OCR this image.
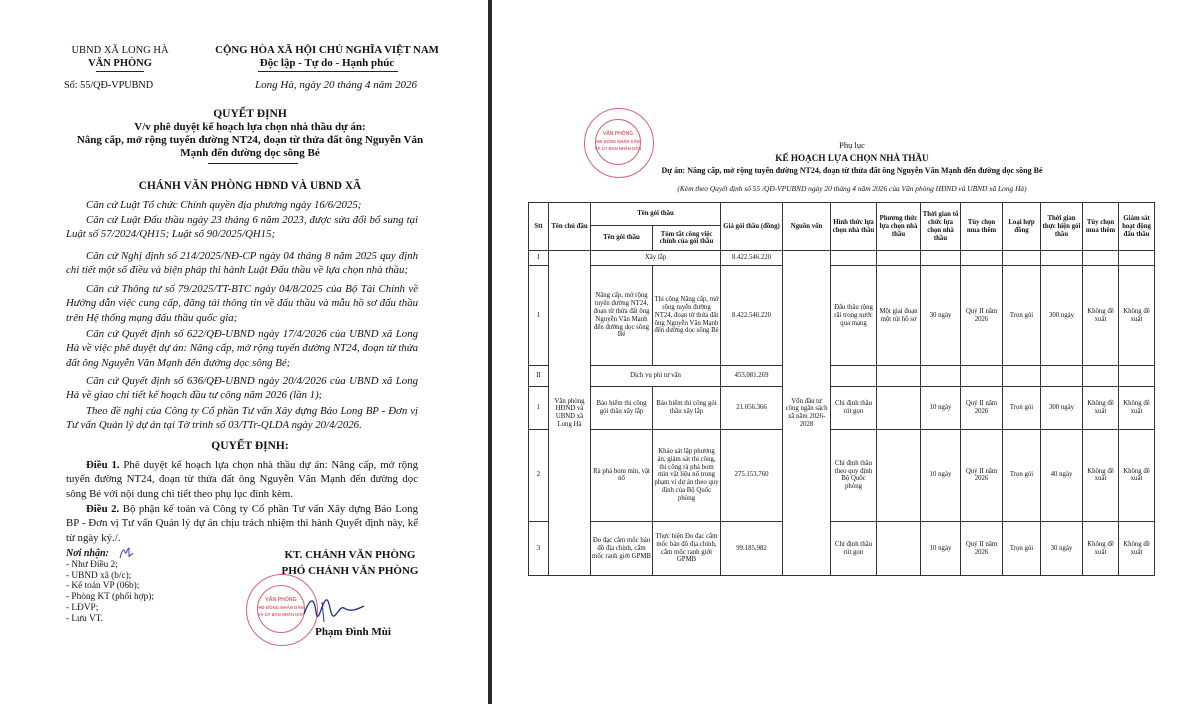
UBND XÃ LONG HÀ
VĂN PHÒNG
Số: 55/QĐ-VPUBND
CỘNG HÒA XÃ HỘI CHỦ NGHĨA VIỆT NAM
Độc lập - Tự do - Hạnh phúc
Long Hà, ngày 20 tháng 4 năm 2026
QUYẾT ĐỊNH
V/v phê duyệt kế hoạch lựa chọn nhà thầu dự án:
Nâng cấp, mở rộng tuyến đường NT24, đoạn từ thửa đất ông Nguyễn Văn
Mạnh đến đường dọc sông Bé
CHÁNH VĂN PHÒNG HĐND VÀ UBND XÃ
Căn cứ Luật Tổ chức Chính quyền địa phương ngày 16/6/2025;
Căn cứ Luật Đấu thầu ngày 23 tháng 6 năm 2023, được sửa đổi bổ sung tại Luật số 57/2024/QH15; Luật số 90/2025/QH15;
Căn cứ Nghị định số 214/2025/NĐ-CP ngày 04 tháng 8 năm 2025 quy định chi tiết một số điều và biện pháp thi hành Luật Đấu thầu về lựa chọn nhà thầu;
Căn cứ Thông tư số 79/2025/TT-BTC ngày 04/8/2025 của Bộ Tài Chính về Hướng dẫn việc cung cấp, đăng tải thông tin về đấu thầu và mẫu hồ sơ đấu thầu trên Hệ thống mạng đấu thầu quốc gia;
Căn cứ Quyết định số 622/QĐ-UBND ngày 17/4/2026 của UBND xã Long Hà về việc phê duyệt dự án: Nâng cấp, mở rộng tuyến đường NT24, đoạn từ thửa đất ông Nguyễn Văn Mạnh đến đường dọc sông Bé;
Căn cứ Quyết định số 636/QĐ-UBND ngày 20/4/2026 của UBND xã Long Hà về giao chi tiết kế hoạch đầu tư công năm 2026 (lần 1);
Theo đề nghị của Công ty Cổ phần Tư vấn Xây dựng Bảo Long BP - Đơn vị Tư vấn Quản lý dự án tại Tờ trình số 03/TTr-QLDA ngày 20/4/2026.
QUYẾT ĐỊNH:
Điều 1. Phê duyệt kế hoạch lựa chọn nhà thầu dự án: Nâng cấp, mở rộng tuyến đường NT24, đoạn từ thửa đất ông Nguyễn Văn Mạnh đến đường dọc sông Bé với nội dung chi tiết theo phụ lục đính kèm.
Điều 2. Bộ phận kế toán và Công ty Cổ phần Tư vấn Xây dựng Bảo Long BP - Đơn vị Tư vấn Quản lý dự án chịu trách nhiệm thi hành Quyết định này, kể từ ngày ký./.
Nơi nhận:
- Như Điều 2;
- UBND xã (b/c);
- Kế toán VP (06b);
- Phòng KT (phối hợp);
- LĐVP;
- Lưu VT.
KT. CHÁNH VĂN PHÒNG
PHÓ CHÁNH VĂN PHÒNG
VĂN PHÒNG
HĐ ĐỒNG NHÂN DÂN
VÀ ỦY BAN NHÂN DÂN
Phạm Đình Mùi
VĂN PHÒNG
HĐ ĐỒNG NHÂN DÂN
VÀ ỦY BAN NHÂN DÂN	Phụ lục
KẾ HOẠCH LỰA CHỌN NHÀ THẦU
Dự án: Nâng cấp, mở rộng tuyến đường NT24, đoạn từ thửa đất ông Nguyễn Văn Mạnh đến đường dọc sông Bé
(Kèm theo Quyết định số 55 /QĐ-VPUBND ngày 20 tháng 4 năm 2026 của Văn phòng HĐND và UBND xã Long Hà)
Stt	Tên chủ đầu	Tên gói thầu		Giá gói thầu (đồng)	Nguồn vốn	Hình thức lựa chọn nhà thầu	Phương thức lựa chọn nhà thầu	Thời gian tổ chức lựa chọn nhà thầu	Tùy chọn mua thêm	Loại hợp đồng	Thời gian thực hiện gói thầu	Tùy chọn mua thêm	Giám sát hoạt động đấu thầu
		Tên gói thầu	Tóm tắt công việc chính của gói thầu										
I	Văn phòng HĐND và UBND xã Long Hà	Xây lắp		8.422.546.220	Vốn đầu tư công ngân sách xã năm 2026-2028								
1		Nâng cấp, mở rộng tuyến đường NT24, đoạn từ thửa đất ông Nguyễn Văn Mạnh đến đường dọc sông Bé	Thi công Nâng cấp, mở rộng tuyến đường NT24, đoạn từ thửa đất ông Nguyễn Văn Mạnh đến đường dọc sông Bé	8.422.546.220		Đấu thầu rộng rãi trong nước qua mạng	Một giai đoạn một túi hồ sơ	30 ngày	Quý II năm 2026	Trọn gói	300 ngày	Không đề xuất	Không đề xuất
II		Dịch vụ phi tư vấn		453.081.269									
1		Bảo hiểm thi công gói thầu xây lắp	Bảo hiểm thi công gói thầu xây lắp	21.056.366		Chỉ định thầu rút gọn		10 ngày	Quý II năm 2026	Trọn gói	300 ngày	Không đề xuất	Không đề xuất
2		Rà phá bom mìn, vật nổ	Khảo sát lập phương án, giám sát thi công, thi công rà phá bom mìn vật liệu nổ trong phạm vi dự án theo quy định của Bộ Quốc phòng	275.153.760		Chỉ định thầu theo quy định Bộ Quốc phòng		10 ngày	Quý II năm 2026	Trọn gói	40 ngày	Không đề xuất	Không đề xuất
3		Đo đạc cắm mốc bản đồ địa chính, cắm mốc ranh giới GPMB	Thực hiện Đo đạc cắm mốc bản đồ địa chính, cắm mốc ranh giới GPMB	99.185.982		Chỉ định thầu rút gọn		10 ngày	Quý II năm 2026	Trọn gói	30 ngày	Không đề xuất	Không đề xuất
